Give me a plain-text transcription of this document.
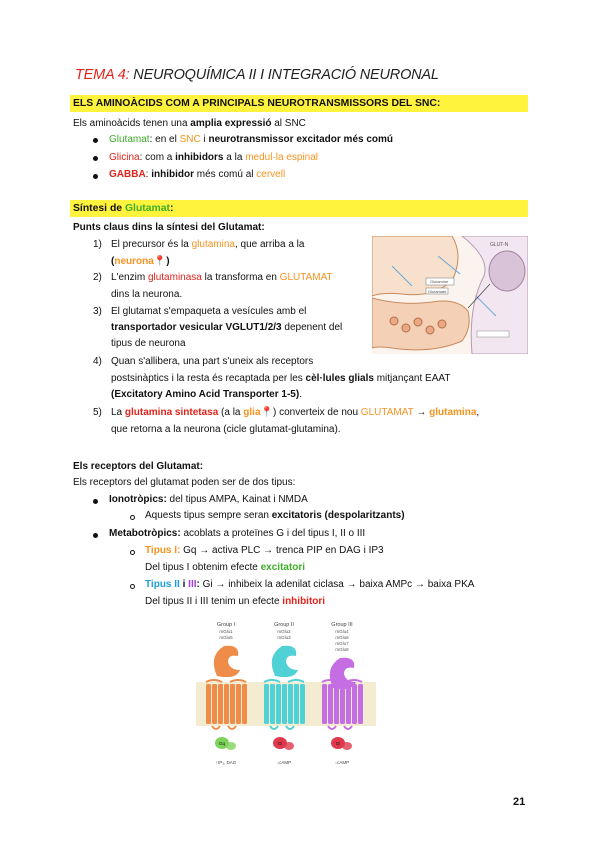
TEMA 4: NEUROQUÍMICA II I INTEGRACIÓ NEURONAL
ELS AMINOÀCIDS COM A PRINCIPALS NEUROTRANSMISSORS DEL SNC:
Els aminoàcids tenen una amplia expressió al SNC
Glutamat: en el SNC i neurotransmissor excitador més comú
Glicina: com a inhibidors a la medul·la espinal
GABBA: inhibidor més comú al cervell
Síntesi de Glutamat:
Punts claus dins la síntesi del Glutamat:
1) El precursor és la glutamina, que arriba a la
(neurona📍)
2) L'enzim glutaminasa la transforma en GLUTAMAT
dins la neurona.
3) El glutamat s'empaqueta a vesícules amb el
transportador vesicular VGLUT1/2/3 depenent del
tipus de neurona
4) Quan s'allibera, una part s'uneix als receptors
postsinàptics i la resta és recaptada per les cèl·lules glials mitjançant EAAT
(Excitatory Amino Acid Transporter 1-5).
5) La glutamina sintetasa (a la glia📍) converteix de nou GLUTAMAT → glutamina,
que retorna a la neurona (cicle glutamat-glutamina).
GLUT-N
Glutamine
Glutamate
Els receptors del Glutamat:
Els receptors del glutamat poden ser de dos tipus:
Ionotròpics: del tipus AMPA, Kainat i NMDA
Aquests tipus sempre seran excitatoris (despolaritzants)
Metabotròpics: acoblats a proteïnes G i del tipus I, II o III
Tipus I: Gq → activa PLC → trenca PIP en DAG i IP3
Del tipus I obtenim efecte excitatori
Tipus II i III: Gi → inhibeix la adenilat ciclasa → baixa AMPc → baixa PKA
Del tipus II i III tenim un efecte inhibitori
Group I
mGlu1
mGlu5
Gq
↑IP₃, DAG
Group II
mGlu2
mGlu3
Gi
↓cAMP
Group III
mGlu4
mGlu6
mGlu7
mGlu8
Gi
↓cAMP
21
